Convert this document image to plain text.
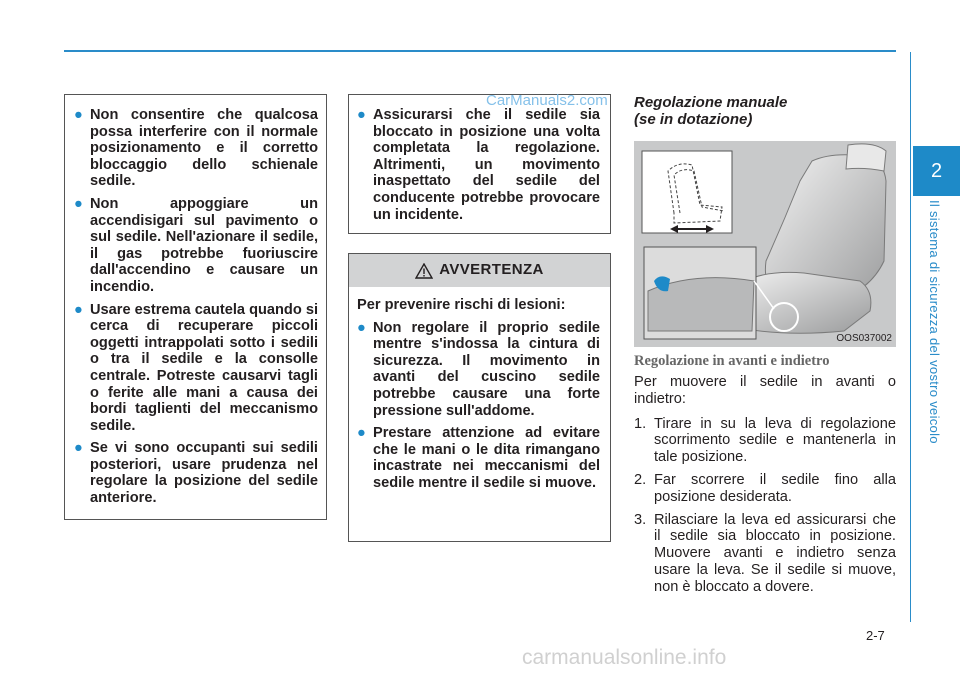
2
Il sistema di sicurezza del vostro veicolo
● Non consentire che qualcosa possa interferire con il normale posizionamento e il corretto bloccaggio dello schienale sedile.
● Non appoggiare un accendisigari sul pavimento o sul sedile. Nell'azionare il sedile, il gas potrebbe fuoriuscire dall'accendino e causare un incendio.
● Usare estrema cautela quando si cerca di recuperare piccoli oggetti intrappolati sotto i sedili o tra il sedile e la consolle centrale. Potreste causarvi tagli o ferite alle mani a causa dei bordi taglienti del meccanismo sedile.
● Se vi sono occupanti sui sedili posteriori, usare prudenza nel regolare la posizione del sedile anteriore.
● Assicurarsi che il sedile sia bloccato in posizione una volta completata la regolazione. Altrimenti, un movimento inaspettato del sedile del conducente potrebbe provocare un incidente.
AVVERTENZA

Per prevenire rischi di lesioni:

● Non regolare il proprio sedile mentre s'indossa la cintura di sicurezza. Il movimento in avanti del cuscino sedile potrebbe causare una forte pressione sull'addome.
● Prestare attenzione ad evitare che le mani o le dita rimangano incastrate nei meccanismi del sedile mentre il sedile si muove.

Regolazione manuale

(se in dotazione)

OOS037002
Regolazione in avanti e indietro

Per muovere il sedile in avanti o indietro:

1. Tirare in su la leva di regolazione scorrimento sedile e mantenerla in tale posizione.
2. Far scorrere il sedile fino alla posizione desiderata.
3. Rilasciare la leva ed assicurarsi che il sedile sia bloccato in posizione. Muovere avanti e indietro senza usare la leva. Se il sedile si muove, non è bloccato a dovere.
CarManuals2.com
2-7
carmanualsonline.info
